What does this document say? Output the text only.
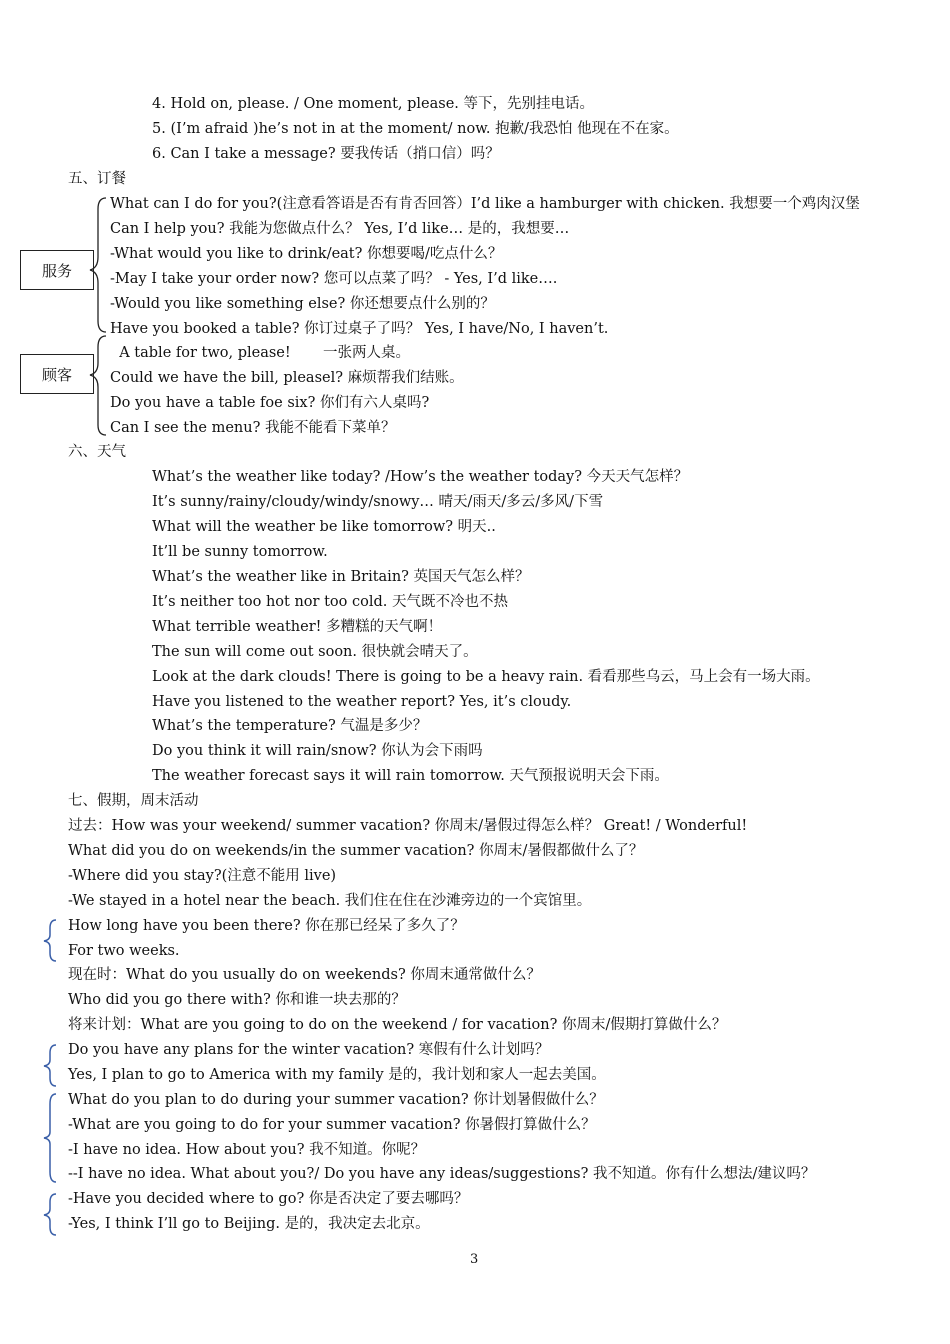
4. Hold on, please. / One moment, please. 等下，先别挂电话。
5. (I’m afraid )he’s not in at the moment/ now. 抱歉/我恐怕 他现在不在家。
6. Can I take a message? 要我传话（捎口信）吗？
五、订餐
服务
顾客
What can I do for you?(注意看答语是否有肯否回答）I’d like a hamburger with chicken. 我想要一个鸡肉汉堡
Can I help you? 我能为您做点什么？ Yes, I’d like… 是的，我想要…
-What would you like to drink/eat? 你想要喝/吃点什么？
-May I take your order now? 您可以点菜了吗？ - Yes, I’d like….
-Would you like something else? 你还想要点什么别的？
Have you booked a table? 你订过桌子了吗？ Yes, I have/No, I haven’t.
A table for two, please!       一张两人桌。
Could we have the bill, pleasel? 麻烦帮我们结账。
Do you have a table foe six? 你们有六人桌吗?
Can I see the menu? 我能不能看下菜单？
六、天气
What’s the weather like today? /How’s the weather today? 今天天气怎样？
It’s sunny/rainy/cloudy/windy/snowy… 晴天/雨天/多云/多风/下雪
What will the weather be like tomorrow? 明天..
It’ll be sunny tomorrow.
What’s the weather like in Britain? 英国天气怎么样？
It’s neither too hot nor too cold. 天气既不冷也不热
What terrible weather! 多糟糕的天气啊！
The sun will come out soon. 很快就会晴天了。
Look at the dark clouds! There is going to be a heavy rain. 看看那些乌云，马上会有一场大雨。
Have you listened to the weather report? Yes, it’s cloudy.
What’s the temperature? 气温是多少？
Do you think it will rain/snow? 你认为会下雨吗
The weather forecast says it will rain tomorrow. 天气预报说明天会下雨。
七、假期，周末活动
过去：How was your weekend/ summer vacation? 你周末/暑假过得怎么样？ Great! / Wonderful!
What did you do on weekends/in the summer vacation? 你周末/暑假都做什么了？
-Where did you stay?(注意不能用 live)
-We stayed in a hotel near the beach. 我们住在住在沙滩旁边的一个宾馆里。
How long have you been there? 你在那已经呆了多久了？
For two weeks.
现在时：What do you usually do on weekends? 你周末通常做什么？
Who did you go there with? 你和谁一块去那的？
将来计划：What are you going to do on the weekend / for vacation? 你周末/假期打算做什么？
Do you have any plans for the winter vacation? 寒假有什么计划吗？
Yes, I plan to go to America with my family 是的，我计划和家人一起去美国。
What do you plan to do during your summer vacation? 你计划暑假做什么？
-What are you going to do for your summer vacation? 你暑假打算做什么？
-I have no idea. How about you? 我不知道。你呢？
--I have no idea. What about you?/ Do you have any ideas/suggestions? 我不知道。你有什么想法/建议吗？
-Have you decided where to go? 你是否决定了要去哪吗？
-Yes, I think I’ll go to Beijing. 是的，我决定去北京。
3
